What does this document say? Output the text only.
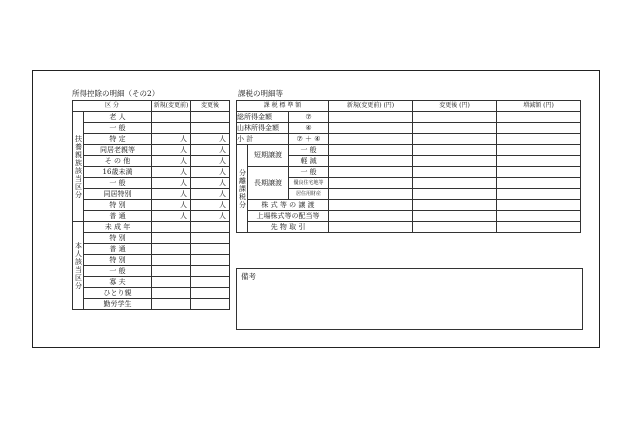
所得控除の明細（その2）	課税の明細等
区 分		新規(変更前)	変更後
扶養親族該当区分	老 人		
	一 般		
	特 定	人	人
	同居老親等	人	人
	そ の 他	人	人
	16歳未満	人	人
	一 般	人	人
	同居特別	人	人
	特 別	人	人
	普 通	人	人
本人該当区分	未 成 年		
	特 別		
	普 通		
	特 別		
	一 般		
	寡 夫		
	ひとり親		
	勤労学生		
課 税 標 準 額			新規(変更前) (円)	変更後 (円)	増減額 (円)
総所得金額		⑦			
山林所得金額		④			
小 計		⑦ ＋ ④			
分離課税分	短期譲渡	一 般			
		軽 減			
	長期譲渡	一 般			
		優良住宅地等			
		居住用財産			
	株 式 等 の 譲 渡				
	上場株式等の配当等				
	先 物 取 引				
備考
